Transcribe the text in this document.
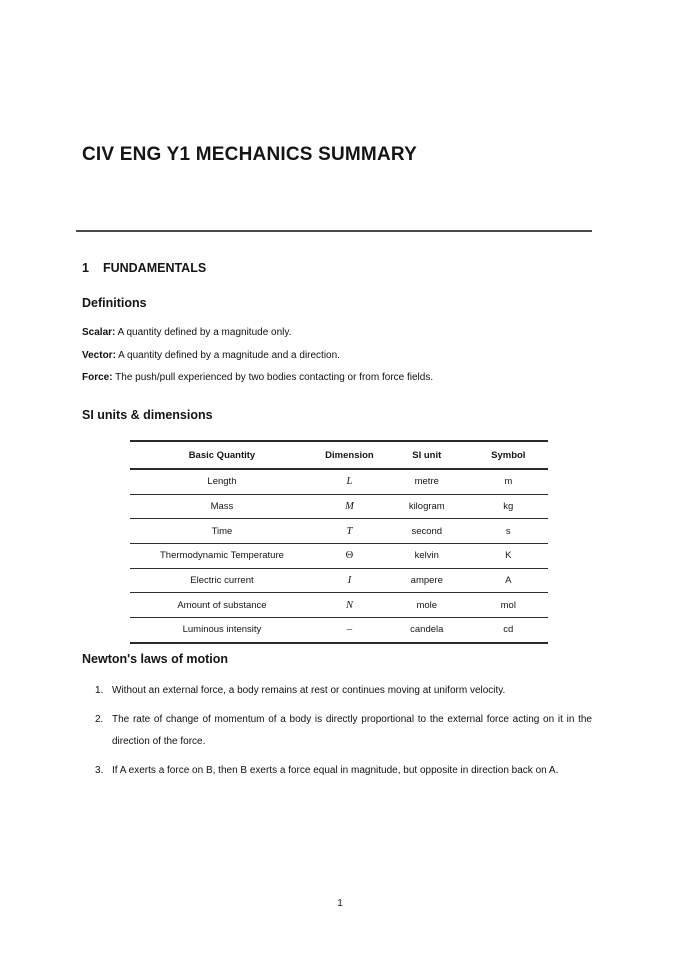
CIV ENG Y1 MECHANICS SUMMARY
1 FUNDAMENTALS
Definitions
Scalar: A quantity defined by a magnitude only.
Vector: A quantity defined by a magnitude and a direction.
Force: The push/pull experienced by two bodies contacting or from force fields.
SI units & dimensions
Basic Quantity	Dimension	SI unit	Symbol
Length	L	metre	m
Mass	M	kilogram	kg
Time	T	second	s
Thermodynamic Temperature	Θ	kelvin	K
Electric current	I	ampere	A
Amount of substance	N	mole	mol
Luminous intensity	–	candela	cd
Newton's laws of motion
1. Without an external force, a body remains at rest or continues moving at uniform velocity.
2. The rate of change of momentum of a body is directly proportional to the external force acting on it in the direction of the force.
3. If A exerts a force on B, then B exerts a force equal in magnitude, but opposite in direction back on A.
1
